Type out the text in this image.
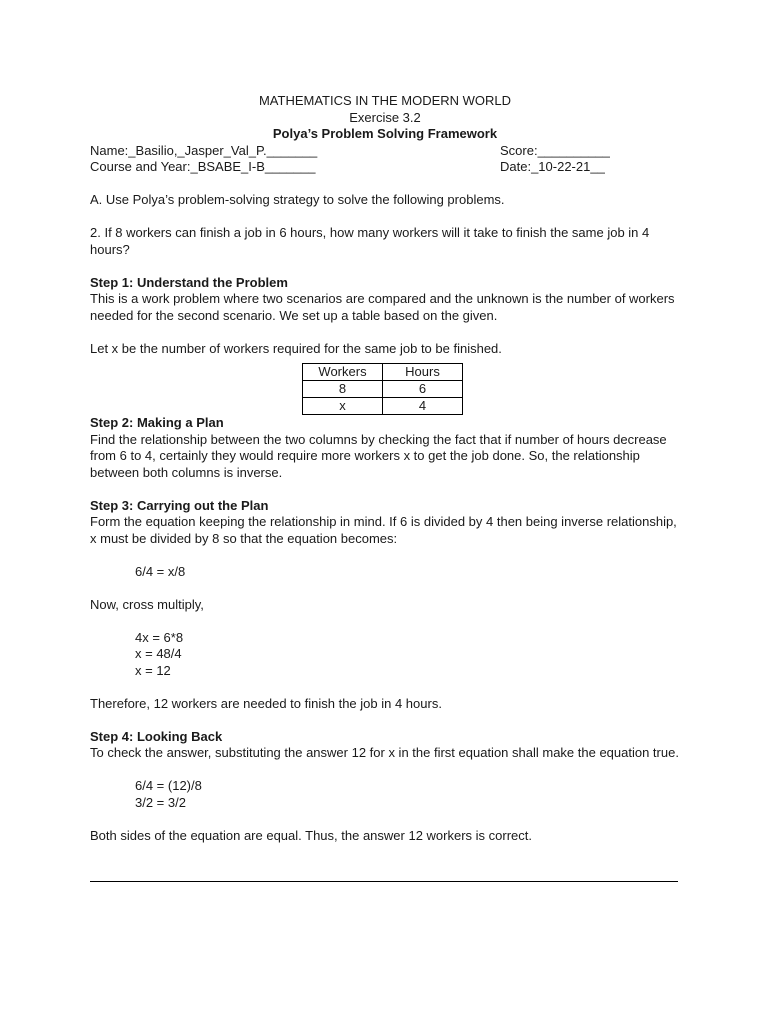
MATHEMATICS IN THE MODERN WORLD

Exercise 3.2

Polya’s Problem Solving Framework

Name:_Basilio,_Jasper_Val_P._______	Score:__________
Course and Year:_BSABE_I-B_______	Date:_10-22-21__

A. Use Polya’s problem-solving strategy to solve the following problems.

2. If 8 workers can finish a job in 6 hours, how many workers will it take to finish the same job in 4 hours?

Step 1: Understand the Problem

This is a work problem where two scenarios are compared and the unknown is the number of workers needed for the second scenario. We set up a table based on the given.

Let x be the number of workers required for the same job to be finished.

Workers	Hours
8	6
x	4

Step 2: Making a Plan

Find the relationship between the two columns by checking the fact that if number of hours decrease from 6 to 4, certainly they would require more workers x to get the job done. So, the relationship between both columns is inverse.

Step 3: Carrying out the Plan

Form the equation keeping the relationship in mind. If 6 is divided by 4 then being inverse relationship, x must be divided by 8 so that the equation becomes:

6/4 = x/8

Now, cross multiply,

4x = 6*8

x = 48/4

x = 12

Therefore, 12 workers are needed to finish the job in 4 hours.

Step 4: Looking Back

To check the answer, substituting the answer 12 for x in the first equation shall make the equation true.

6/4 = (12)/8

3/2 = 3/2

Both sides of the equation are equal. Thus, the answer 12 workers is correct.
